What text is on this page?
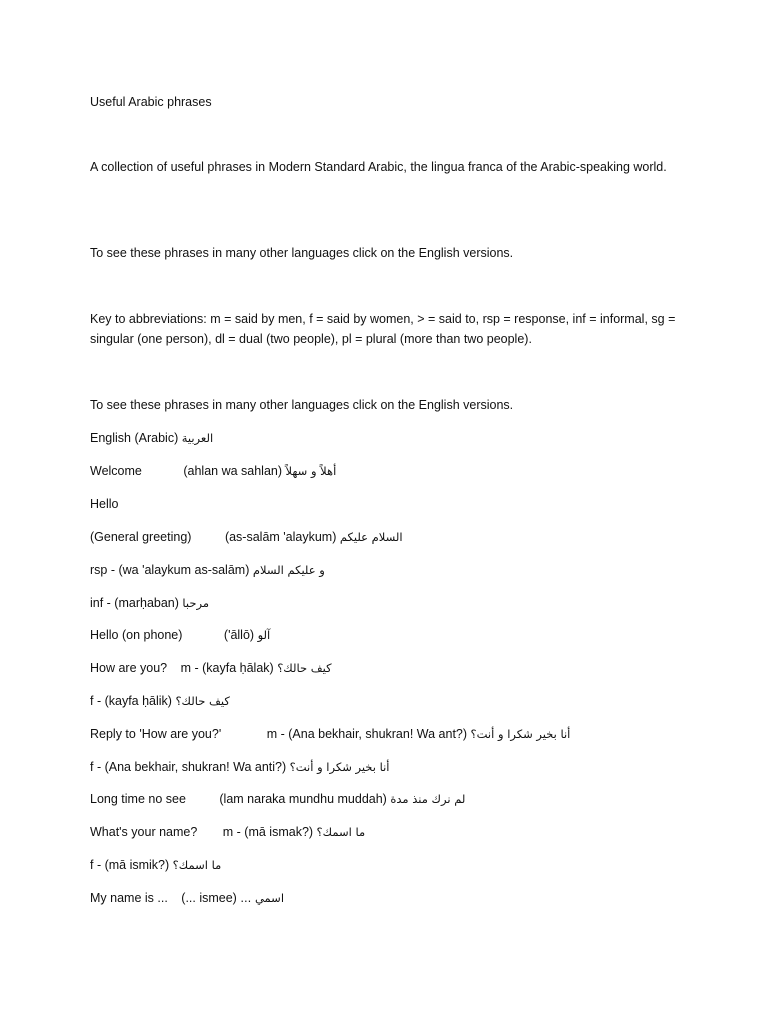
Useful Arabic phrases
A collection of useful phrases in Modern Standard Arabic, the lingua franca of the Arabic-speaking world.
To see these phrases in many other languages click on the English versions.
Key to abbreviations: m = said by men, f = said by women, > = said to, rsp = response, inf = informal, sg = singular (one person), dl = dual (two people), pl = plural (more than two people).
To see these phrases in many other languages click on the English versions.
English (Arabic) العربية
Welcome	(ahlan wa sahlan) أهلاً و سهلاً
Hello
(General greeting)	(as-salām 'alaykum) السلام عليكم
rsp - (wa 'alaykum as-salām) و عليكم السلام
inf - (marḥaban) مرحبا
Hello (on phone)	('āllō) آلو
How are you? m - (kayfa ḥālak) كيف حالك؟
f - (kayfa ḥālik) كيف حالك؟
Reply to 'How are you?'	m - (Ana bekhair, shukran! Wa ant?) أنا بخير شكرا و أنت؟
f - (Ana bekhair, shukran! Wa anti?) أنا بخير شكرا و أنت؟
Long time no see	(lam naraka mundhu muddah) لم نرك منذ مدة
What's your name? m - (mā ismak?) ما اسمك؟
f - (mā ismik?) ما اسمك؟
My name is ... (... ismee) ... اسمي
